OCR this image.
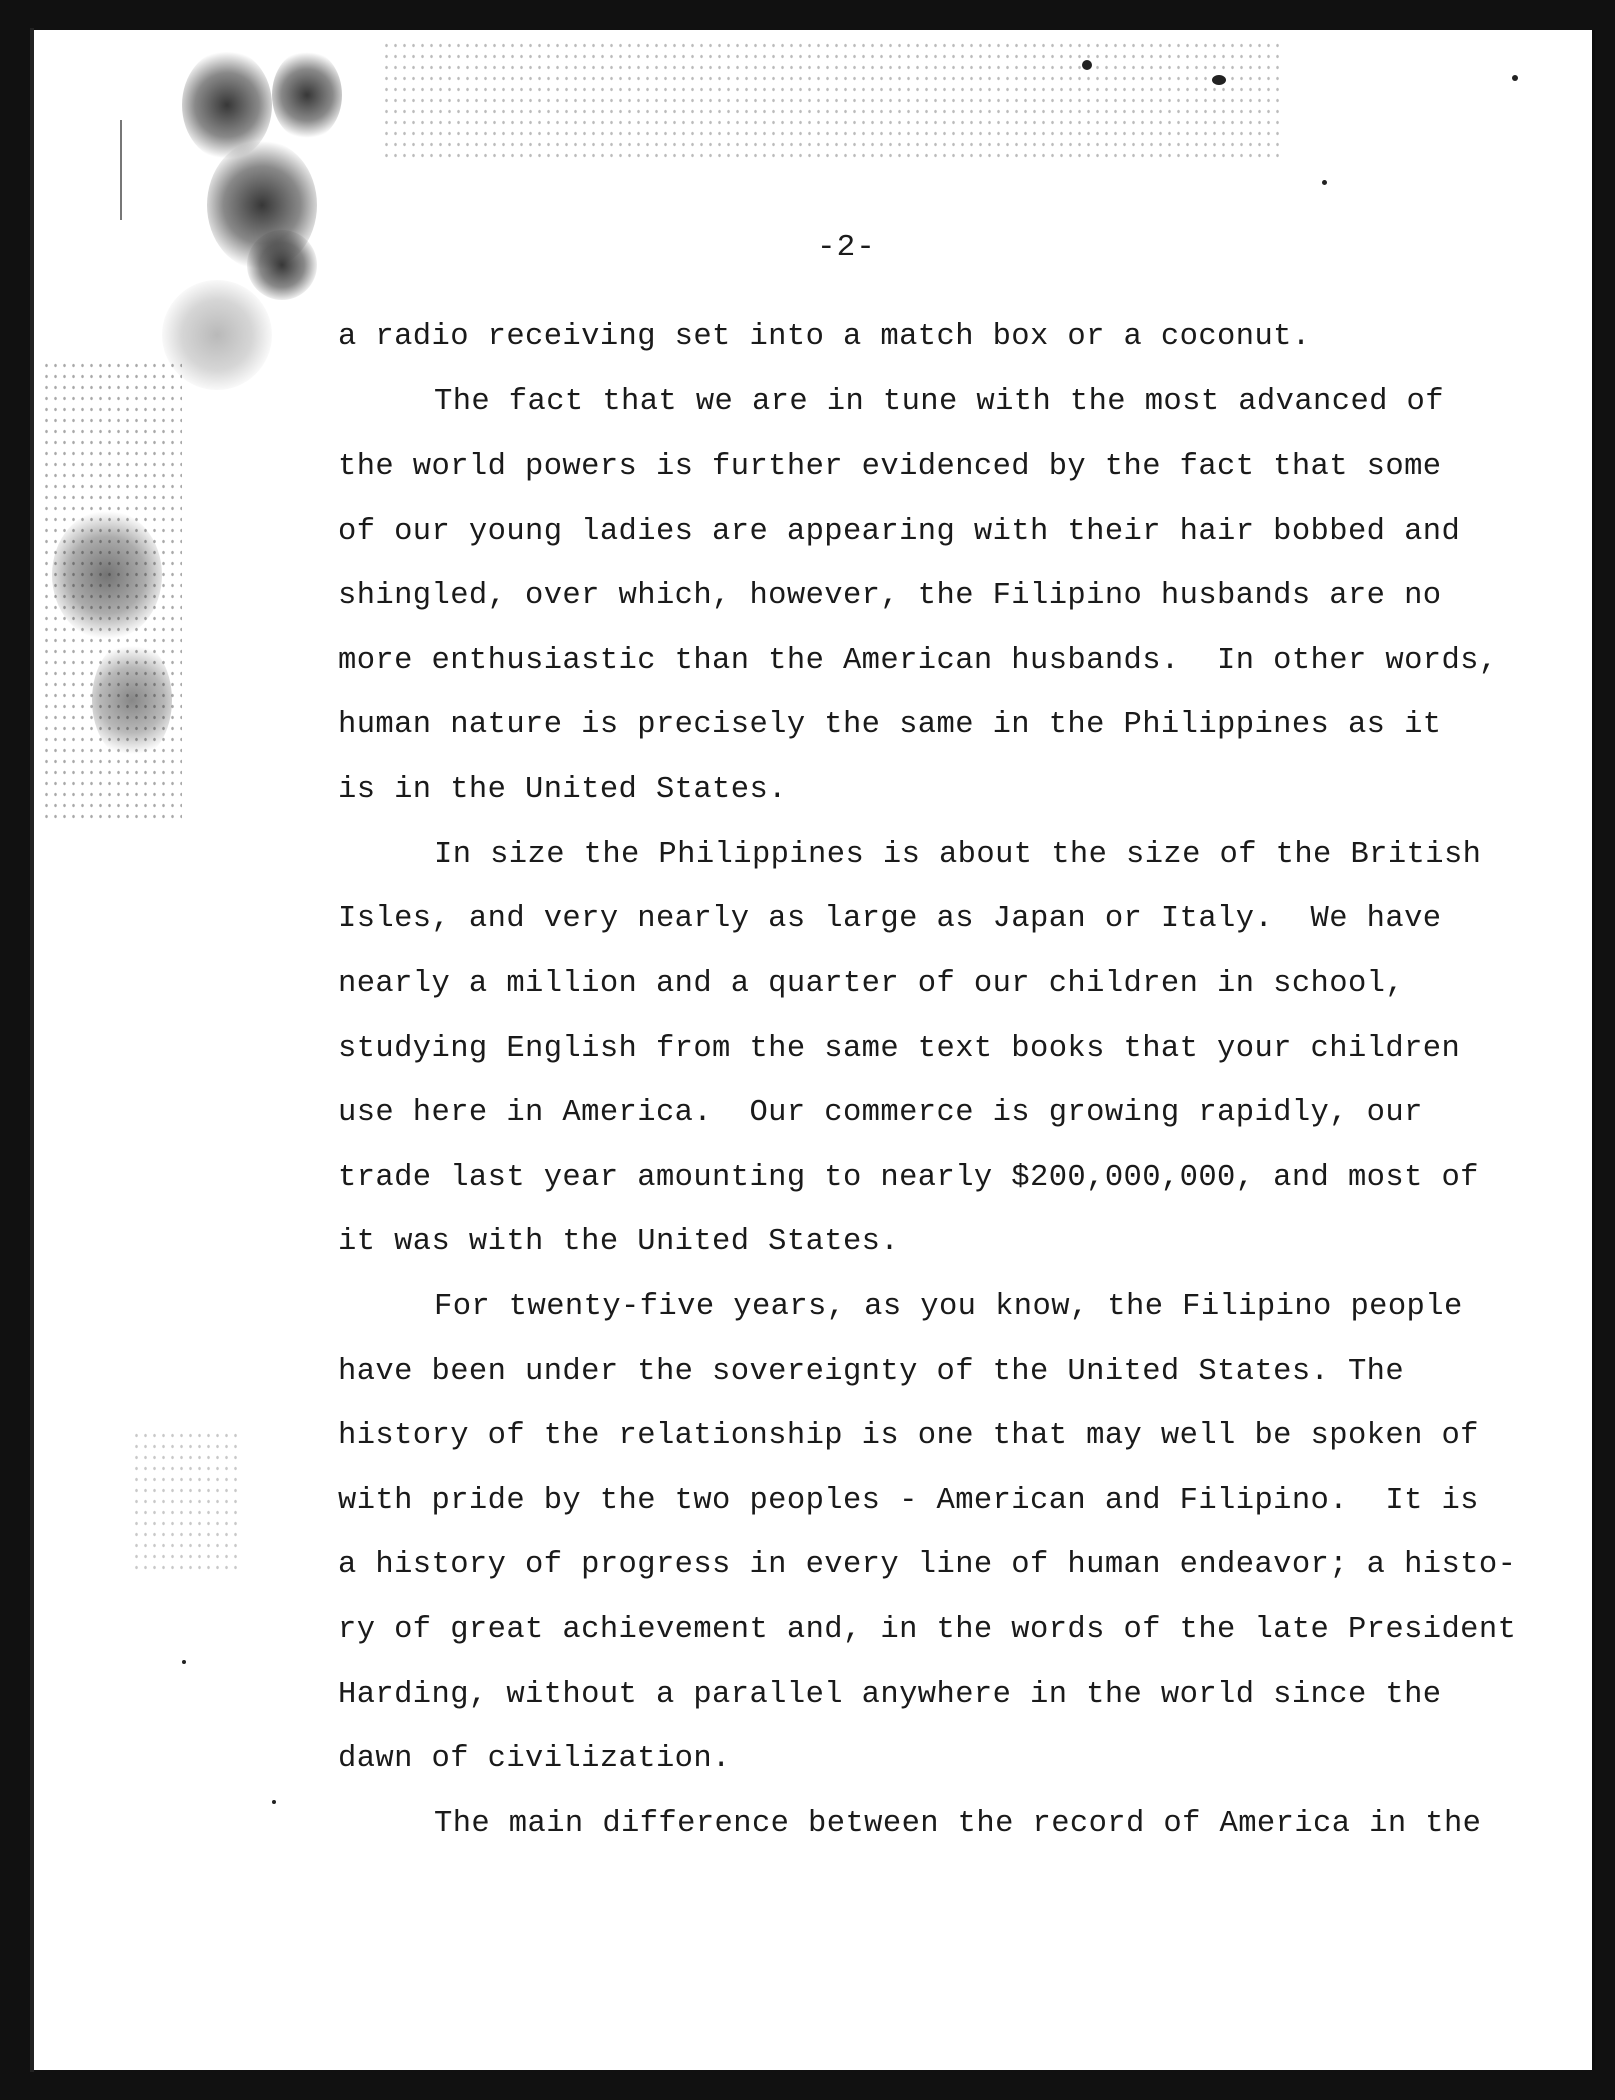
-2-
a radio receiving set into a match box or a coconut.
The fact that we are in tune with the most advanced of
the world powers is further evidenced by the fact that some
of our young ladies are appearing with their hair bobbed and
shingled, over which, however, the Filipino husbands are no
more enthusiastic than the American husbands.  In other words,
human nature is precisely the same in the Philippines as it
is in the United States.
In size the Philippines is about the size of the British
Isles, and very nearly as large as Japan or Italy.  We have
nearly a million and a quarter of our children in school,
studying English from the same text books that your children
use here in America.  Our commerce is growing rapidly, our
trade last year amounting to nearly $200,000,000, and most of
it was with the United States.
For twenty-five years, as you know, the Filipino people
have been under the sovereignty of the United States. The
history of the relationship is one that may well be spoken of
with pride by the two peoples - American and Filipino.  It is
a history of progress in every line of human endeavor; a histo-
ry of great achievement and, in the words of the late President
Harding, without a parallel anywhere in the world since the
dawn of civilization.
The main difference between the record of America in the
